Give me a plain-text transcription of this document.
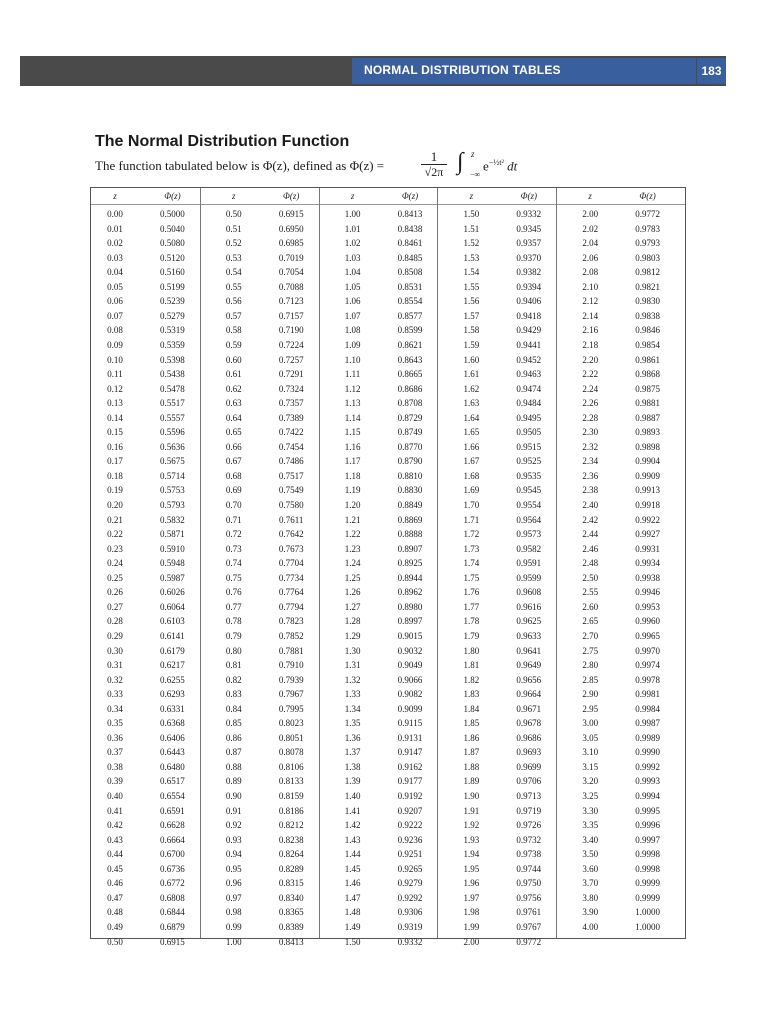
NORMAL DISTRIBUTION TABLES	183
The Normal Distribution Function
The function tabulated below is Φ(z), defined as Φ(z) =	$\frac{1}{√2\pi}$ ∫ z
−∞
$e^{-\frac{1}{2}t^2}$ dt
z	Φ(z)
0.00	0.5000
0.01	0.5040
0.02	0.5080
0.03	0.5120
0.04	0.5160
0.05	0.5199
0.06	0.5239
0.07	0.5279
0.08	0.5319
0.09	0.5359
0.10	0.5398
0.11	0.5438
0.12	0.5478
0.13	0.5517
0.14	0.5557
0.15	0.5596
0.16	0.5636
0.17	0.5675
0.18	0.5714
0.19	0.5753
0.20	0.5793
0.21	0.5832
0.22	0.5871
0.23	0.5910
0.24	0.5948
0.25	0.5987
0.26	0.6026
0.27	0.6064
0.28	0.6103
0.29	0.6141
0.30	0.6179
0.31	0.6217
0.32	0.6255
0.33	0.6293
0.34	0.6331
0.35	0.6368
0.36	0.6406
0.37	0.6443
0.38	0.6480
0.39	0.6517
0.40	0.6554
0.41	0.6591
0.42	0.6628
0.43	0.6664
0.44	0.6700
0.45	0.6736
0.46	0.6772
0.47	0.6808
0.48	0.6844
0.49	0.6879
0.50	0.6915
z	Φ(z)
0.50	0.6915
0.51	0.6950
0.52	0.6985
0.53	0.7019
0.54	0.7054
0.55	0.7088
0.56	0.7123
0.57	0.7157
0.58	0.7190
0.59	0.7224
0.60	0.7257
0.61	0.7291
0.62	0.7324
0.63	0.7357
0.64	0.7389
0.65	0.7422
0.66	0.7454
0.67	0.7486
0.68	0.7517
0.69	0.7549
0.70	0.7580
0.71	0.7611
0.72	0.7642
0.73	0.7673
0.74	0.7704
0.75	0.7734
0.76	0.7764
0.77	0.7794
0.78	0.7823
0.79	0.7852
0.80	0.7881
0.81	0.7910
0.82	0.7939
0.83	0.7967
0.84	0.7995
0.85	0.8023
0.86	0.8051
0.87	0.8078
0.88	0.8106
0.89	0.8133
0.90	0.8159
0.91	0.8186
0.92	0.8212
0.93	0.8238
0.94	0.8264
0.95	0.8289
0.96	0.8315
0.97	0.8340
0.98	0.8365
0.99	0.8389
1.00	0.8413
z	Φ(z)
1.00	0.8413
1.01	0.8438
1.02	0.8461
1.03	0.8485
1.04	0.8508
1.05	0.8531
1.06	0.8554
1.07	0.8577
1.08	0.8599
1.09	0.8621
1.10	0.8643
1.11	0.8665
1.12	0.8686
1.13	0.8708
1.14	0.8729
1.15	0.8749
1.16	0.8770
1.17	0.8790
1.18	0.8810
1.19	0.8830
1.20	0.8849
1.21	0.8869
1.22	0.8888
1.23	0.8907
1.24	0.8925
1.25	0.8944
1.26	0.8962
1.27	0.8980
1.28	0.8997
1.29	0.9015
1.30	0.9032
1.31	0.9049
1.32	0.9066
1.33	0.9082
1.34	0.9099
1.35	0.9115
1.36	0.9131
1.37	0.9147
1.38	0.9162
1.39	0.9177
1.40	0.9192
1.41	0.9207
1.42	0.9222
1.43	0.9236
1.44	0.9251
1.45	0.9265
1.46	0.9279
1.47	0.9292
1.48	0.9306
1.49	0.9319
1.50	0.9332
z	Φ(z)
1.50	0.9332
1.51	0.9345
1.52	0.9357
1.53	0.9370
1.54	0.9382
1.55	0.9394
1.56	0.9406
1.57	0.9418
1.58	0.9429
1.59	0.9441
1.60	0.9452
1.61	0.9463
1.62	0.9474
1.63	0.9484
1.64	0.9495
1.65	0.9505
1.66	0.9515
1.67	0.9525
1.68	0.9535
1.69	0.9545
1.70	0.9554
1.71	0.9564
1.72	0.9573
1.73	0.9582
1.74	0.9591
1.75	0.9599
1.76	0.9608
1.77	0.9616
1.78	0.9625
1.79	0.9633
1.80	0.9641
1.81	0.9649
1.82	0.9656
1.83	0.9664
1.84	0.9671
1.85	0.9678
1.86	0.9686
1.87	0.9693
1.88	0.9699
1.89	0.9706
1.90	0.9713
1.91	0.9719
1.92	0.9726
1.93	0.9732
1.94	0.9738
1.95	0.9744
1.96	0.9750
1.97	0.9756
1.98	0.9761
1.99	0.9767
2.00	0.9772
z	Φ(z)
2.00	0.9772
2.02	0.9783
2.04	0.9793
2.06	0.9803
2.08	0.9812
2.10	0.9821
2.12	0.9830
2.14	0.9838
2.16	0.9846
2.18	0.9854
2.20	0.9861
2.22	0.9868
2.24	0.9875
2.26	0.9881
2.28	0.9887
2.30	0.9893
2.32	0.9898
2.34	0.9904
2.36	0.9909
2.38	0.9913
2.40	0.9918
2.42	0.9922
2.44	0.9927
2.46	0.9931
2.48	0.9934
2.50	0.9938
2.55	0.9946
2.60	0.9953
2.65	0.9960
2.70	0.9965
2.75	0.9970
2.80	0.9974
2.85	0.9978
2.90	0.9981
2.95	0.9984
3.00	0.9987
3.05	0.9989
3.10	0.9990
3.15	0.9992
3.20	0.9993
3.25	0.9994
3.30	0.9995
3.35	0.9996
3.40	0.9997
3.50	0.9998
3.60	0.9998
3.70	0.9999
3.80	0.9999
3.90	1.0000
4.00	1.0000
